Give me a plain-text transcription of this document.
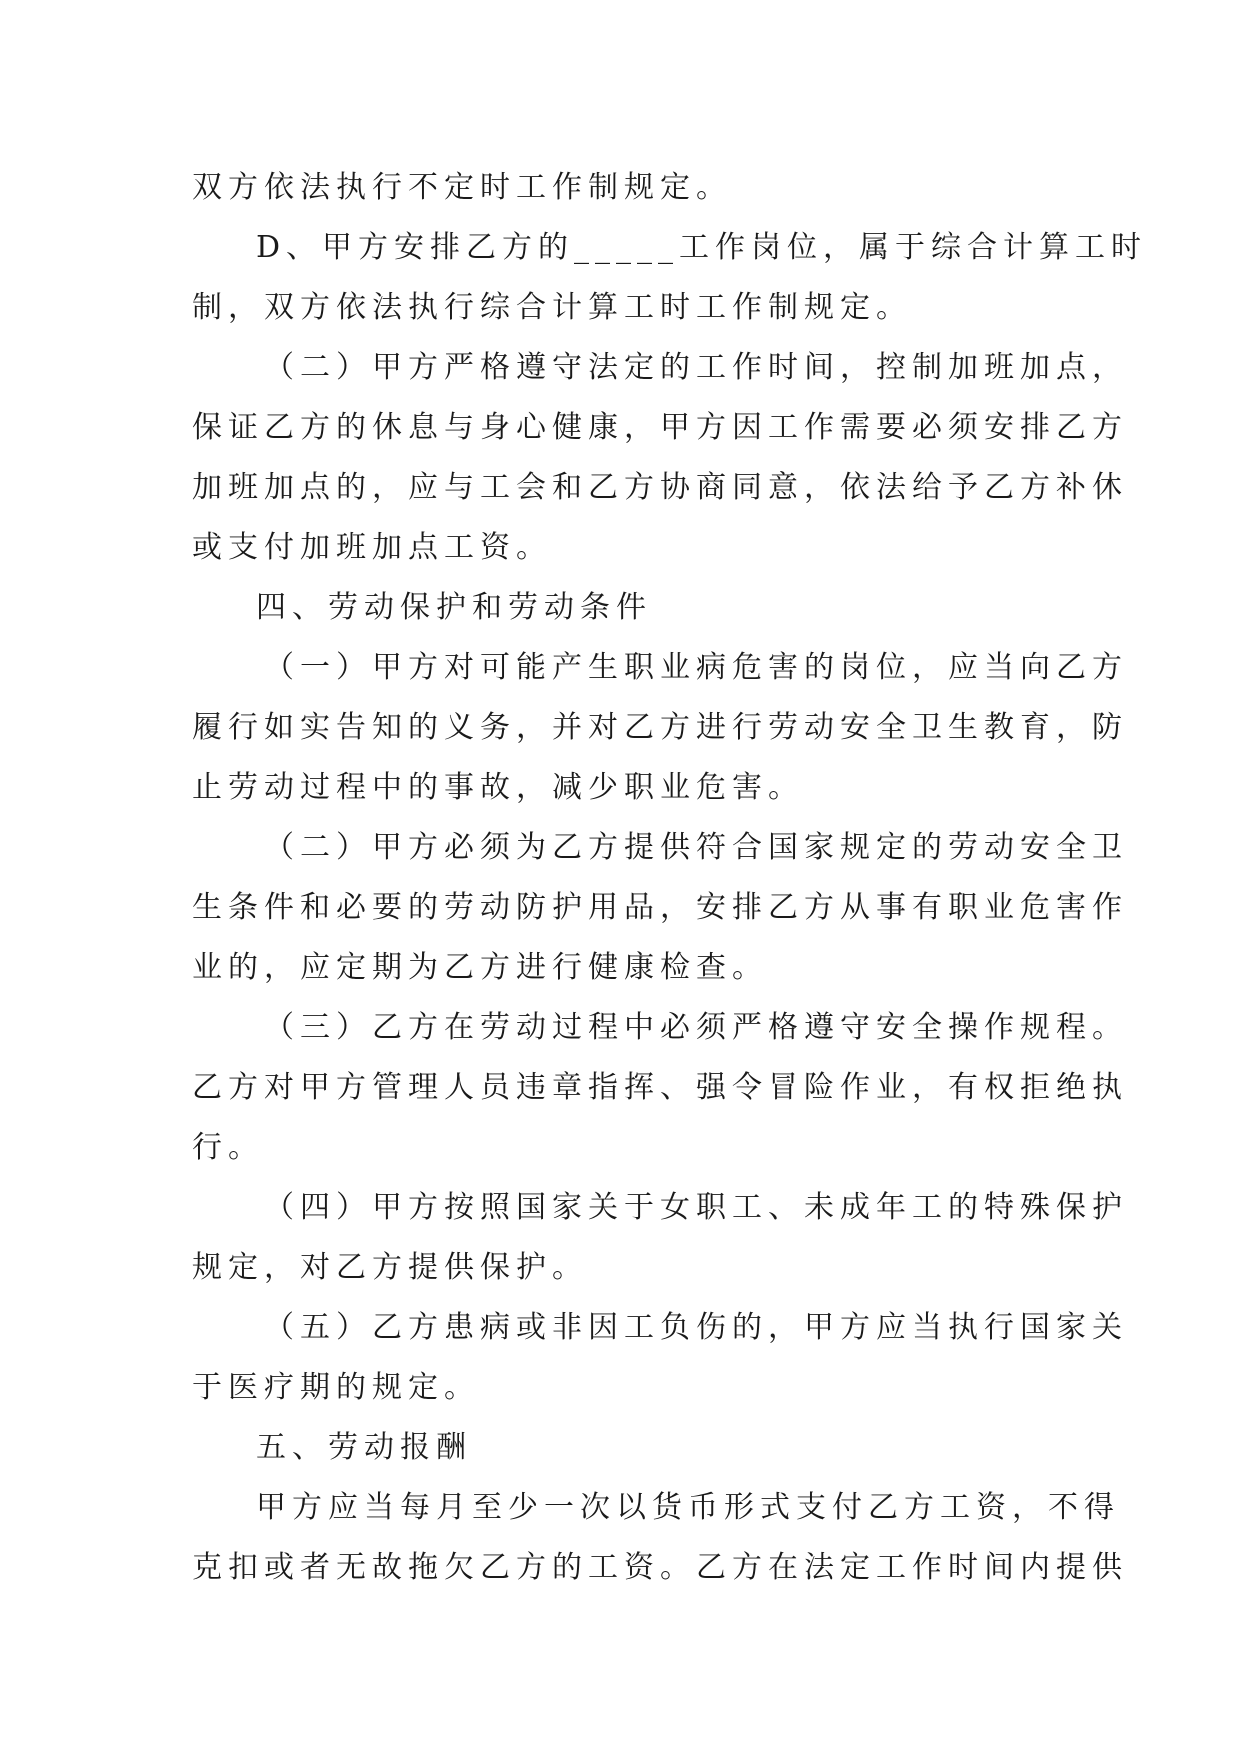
双方依法执行不定时工作制规定。
D、甲方安排乙方的_____工作岗位，属于综合计算工时
制，双方依法执行综合计算工时工作制规定。
（二）甲方严格遵守法定的工作时间，控制加班加点，
保证乙方的休息与身心健康，甲方因工作需要必须安排乙方
加班加点的，应与工会和乙方协商同意，依法给予乙方补休
或支付加班加点工资。
四、劳动保护和劳动条件
（一）甲方对可能产生职业病危害的岗位，应当向乙方
履行如实告知的义务，并对乙方进行劳动安全卫生教育，防
止劳动过程中的事故，减少职业危害。
（二）甲方必须为乙方提供符合国家规定的劳动安全卫
生条件和必要的劳动防护用品，安排乙方从事有职业危害作
业的，应定期为乙方进行健康检查。
（三）乙方在劳动过程中必须严格遵守安全操作规程。
乙方对甲方管理人员违章指挥、强令冒险作业，有权拒绝执
行。
（四）甲方按照国家关于女职工、未成年工的特殊保护
规定，对乙方提供保护。
（五）乙方患病或非因工负伤的，甲方应当执行国家关
于医疗期的规定。
五、劳动报酬
甲方应当每月至少一次以货币形式支付乙方工资，不得
克扣或者无故拖欠乙方的工资。乙方在法定工作时间内提供
